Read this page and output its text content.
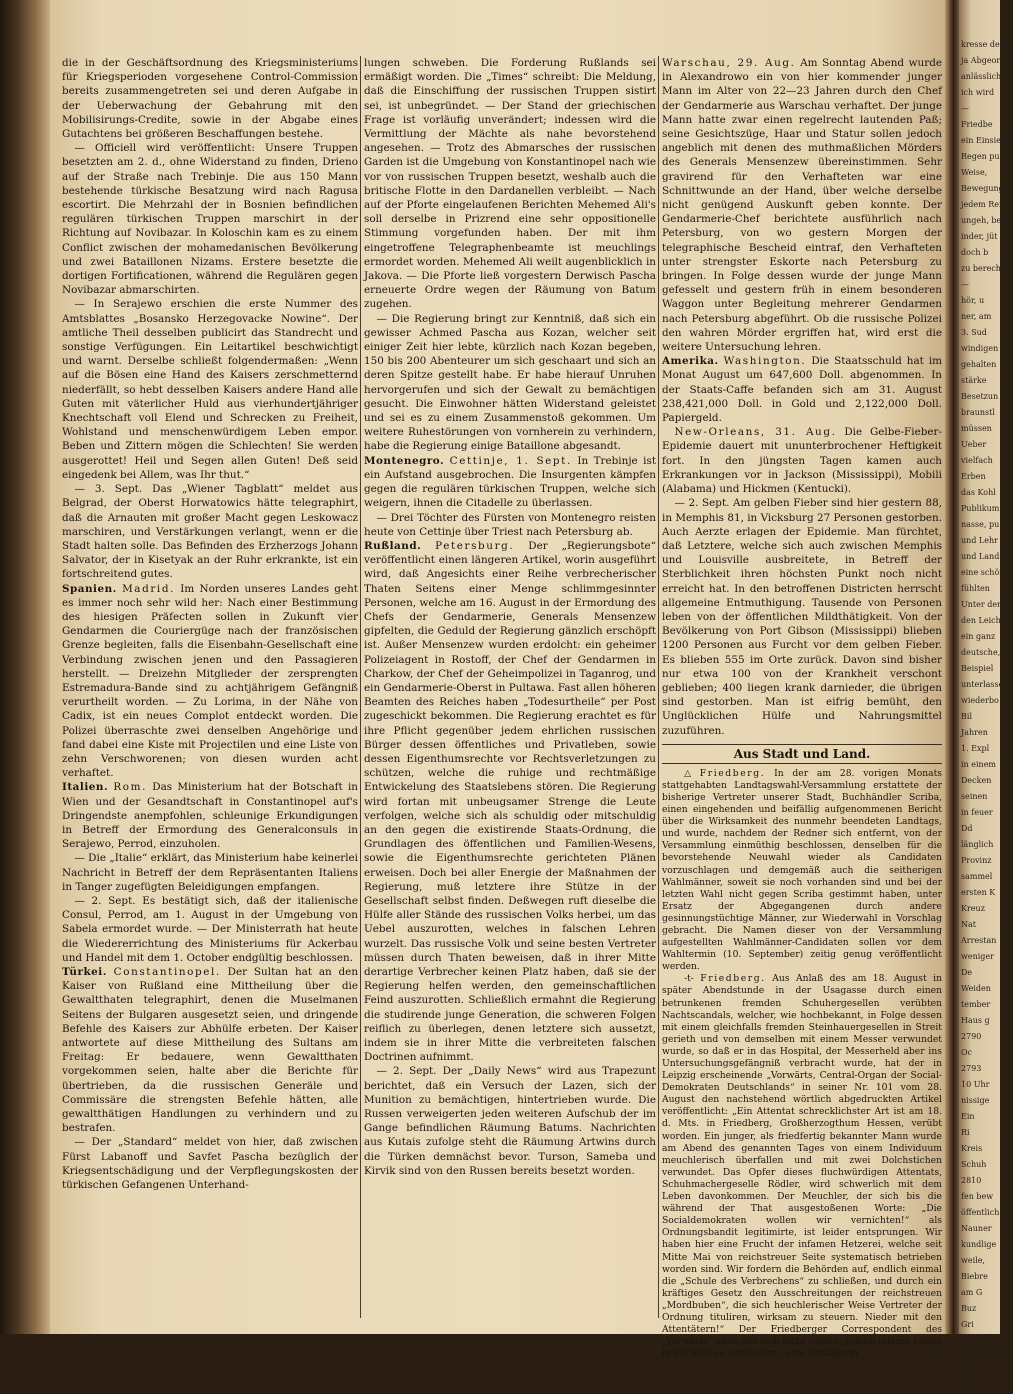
die in der Geschäftsordnung des Kriegsministeriums für Kriegsperioden vorgesehene Control-Commission bereits zusammengetreten sei und deren Aufgabe in der Ueberwachung der Gebahrung mit den Mobilisirungs-Credite, sowie in der Abgabe eines Gutachtens bei größeren Beschaffungen bestehe.

— Officiell wird veröffentlicht: Unsere Truppen besetzten am 2. d., ohne Widerstand zu finden, Drieno auf der Straße nach Trebinje. Die aus 150 Mann bestehende türkische Besatzung wird nach Ragusa escortirt. Die Mehrzahl der in Bosnien befindlichen regulären türkischen Truppen marschirt in der Richtung auf Novibazar. In Koloschin kam es zu einem Conflict zwischen der mohamedanischen Bevölkerung und zwei Bataillonen Nizams. Erstere besetzte die dortigen Fortificationen, während die Regulären gegen Novibazar abmarschirten.

— In Serajewo erschien die erste Nummer des Amtsblattes „Bosansko Herzegovacke Nowine“. Der amtliche Theil desselben publicirt das Standrecht und sonstige Verfügungen. Ein Leitartikel beschwichtigt und warnt. Derselbe schließt folgendermaßen: „Wenn auf die Bösen eine Hand des Kaisers zerschmetternd niederfällt, so hebt desselben Kaisers andere Hand alle Guten mit väterlicher Huld aus vierhundertjähriger Knechtschaft voll Elend und Schrecken zu Freiheit, Wohlstand und menschenwürdigem Leben empor. Beben und Zittern mögen die Schlechten! Sie werden ausgerottet! Heil und Segen allen Guten! Deß seid eingedenk bei Allem, was Ihr thut.“

— 3. Sept. Das „Wiener Tagblatt“ meldet aus Belgrad, der Oberst Horwatowics hätte telegraphirt, daß die Arnauten mit großer Macht gegen Leskowacz marschiren, und Verstärkungen verlangt, wenn er die Stadt halten solle. Das Befinden des Erzherzogs Johann Salvator, der in Kisetyak an der Ruhr erkrankte, ist ein fortschreitend gutes.

Spanien. Madrid. Im Norden unseres Landes geht es immer noch sehr wild her: Nach einer Bestimmung des hiesigen Präfecten sollen in Zukunft vier Gendarmen die Couriergüge nach der französischen Grenze begleiten, falls die Eisenbahn-Gesellschaft eine Verbindung zwischen jenen und den Passagieren herstellt. — Dreizehn Mitglieder der zersprengten Estremadura-Bande sind zu achtjährigem Gefängniß verurtheilt worden. — Zu Lorima, in der Nähe von Cadix, ist ein neues Complot entdeckt worden. Die Polizei überraschte zwei denselben Angehörige und fand dabei eine Kiste mit Projectilen und eine Liste von zehn Verschworenen; von diesen wurden acht verhaftet.

Italien. Rom. Das Ministerium hat der Botschaft in Wien und der Gesandtschaft in Constantinopel auf's Dringendste anempfohlen, schleunige Erkundigungen in Betreff der Ermordung des Generalconsuls in Serajewo, Perrod, einzuholen.

— Die „Italie“ erklärt, das Ministerium habe keinerlei Nachricht in Betreff der dem Repräsentanten Italiens in Tanger zugefügten Beleidigungen empfangen.

— 2. Sept. Es bestätigt sich, daß der italienische Consul, Perrod, am 1. August in der Umgebung von Sabela ermordet wurde. — Der Ministerrath hat heute die Wiedererrichtung des Ministeriums für Ackerbau und Handel mit dem 1. October endgültig beschlossen.

Türkei. Constantinopel. Der Sultan hat an den Kaiser von Rußland eine Mittheilung über die Gewaltthaten telegraphirt, denen die Muselmanen Seitens der Bulgaren ausgesetzt seien, und dringende Befehle des Kaisers zur Abhülfe erbeten. Der Kaiser antwortete auf diese Mittheilung des Sultans am Freitag: Er bedauere, wenn Gewaltthaten vorgekommen seien, halte aber die Berichte für übertrieben, da die russischen Generäle und Commissäre die strengsten Befehle hätten, alle gewaltthätigen Handlungen zu verhindern und zu bestrafen.

— Der „Standard“ meldet von hier, daß zwischen Fürst Labanoff und Savfet Pascha bezüglich der Kriegsentschädigung und der Verpflegungskosten der türkischen Gefangenen Unterhand-

lungen schweben. Die Forderung Rußlands sei ermäßigt worden. Die „Times“ schreibt: Die Meldung, daß die Einschiffung der russischen Truppen sistirt sei, ist unbegründet. — Der Stand der griechischen Frage ist vorläufig unverändert; indessen wird die Vermittlung der Mächte als nahe bevorstehend angesehen. — Trotz des Abmarsches der russischen Garden ist die Umgebung von Konstantinopel nach wie vor von russischen Truppen besetzt, weshalb auch die britische Flotte in den Dardanellen verbleibt. — Nach auf der Pforte eingelaufenen Berichten Mehemed Ali's soll derselbe in Prizrend eine sehr oppositionelle Stimmung vorgefunden haben. Der mit ihm eingetroffene Telegraphenbeamte ist meuchlings ermordet worden. Mehemed Ali weilt augenblicklich in Jakova. — Die Pforte ließ vorgestern Derwisch Pascha erneuerte Ordre wegen der Räumung von Batum zugehen.

— Die Regierung bringt zur Kenntniß, daß sich ein gewisser Achmed Pascha aus Kozan, welcher seit einiger Zeit hier lebte, kürzlich nach Kozan begeben, 150 bis 200 Abenteurer um sich geschaart und sich an deren Spitze gestellt habe. Er habe hierauf Unruhen hervorgerufen und sich der Gewalt zu bemächtigen gesucht. Die Einwohner hätten Widerstand geleistet und sei es zu einem Zusammenstoß gekommen. Um weitere Ruhestörungen von vornherein zu verhindern, habe die Regierung einige Bataillone abgesandt.

Montenegro. Cettinje, 1. Sept. In Trebinje ist ein Aufstand ausgebrochen. Die Insurgenten kämpfen gegen die regulären türkischen Truppen, welche sich weigern, ihnen die Citadelle zu überlassen.

— Drei Töchter des Fürsten von Montenegro reisten heute von Cettinje über Triest nach Petersburg ab.

Rußland. Petersburg. Der „Regierungsbote“ veröffentlicht einen längeren Artikel, worin ausgeführt wird, daß Angesichts einer Reihe verbrecherischer Thaten Seitens einer Menge schlimmgesinnter Personen, welche am 16. August in der Ermordung des Chefs der Gendarmerie, Generals Mensenzew gipfelten, die Geduld der Regierung gänzlich erschöpft ist. Außer Mensenzew wurden erdolcht: ein geheimer Polizeiagent in Rostoff, der Chef der Gendarmen in Charkow, der Chef der Geheimpolizei in Taganrog, und ein Gendarmerie-Oberst in Pultawa. Fast allen höheren Beamten des Reiches haben „Todesurtheile“ per Post zugeschickt bekommen. Die Regierung erachtet es für ihre Pflicht gegenüber jedem ehrlichen russischen Bürger dessen öffentliches und Privatleben, sowie dessen Eigenthumsrechte vor Rechtsverletzungen zu schützen, welche die ruhige und rechtmäßige Entwickelung des Staatslebens stören. Die Regierung wird fortan mit unbeugsamer Strenge die Leute verfolgen, welche sich als schuldig oder mitschuldig an den gegen die existirende Staats-Ordnung, die Grundlagen des öffentlichen und Familien-Wesens, sowie die Eigenthumsrechte gerichteten Plänen erweisen. Doch bei aller Energie der Maßnahmen der Regierung, muß letztere ihre Stütze in der Gesellschaft selbst finden. Deßwegen ruft dieselbe die Hülfe aller Stände des russischen Volks herbei, um das Uebel auszurotten, welches in falschen Lehren wurzelt. Das russische Volk und seine besten Vertreter müssen durch Thaten beweisen, daß in ihrer Mitte derartige Verbrecher keinen Platz haben, daß sie der Regierung helfen werden, den gemeinschaftlichen Feind auszurotten. Schließlich ermahnt die Regierung die studirende junge Generation, die schweren Folgen reiflich zu überlegen, denen letztere sich aussetzt, indem sie in ihrer Mitte die verbreiteten falschen Doctrinen aufnimmt.

— 2. Sept. Der „Daily News“ wird aus Trapezunt berichtet, daß ein Versuch der Lazen, sich der Munition zu bemächtigen, hintertrieben wurde. Die Russen verweigerten jeden weiteren Aufschub der im Gange befindlichen Räumung Batums. Nachrichten aus Kutais zufolge steht die Räumung Artwins durch die Türken demnächst bevor. Turson, Sameba und Kirvik sind von den Russen bereits besetzt worden.

Warschau, 29. Aug. Am Sonntag Abend wurde in Alexandrowo ein von hier kommender junger Mann im Alter von 22—23 Jahren durch den Chef der Gendarmerie aus Warschau verhaftet. Der junge Mann hatte zwar einen regelrecht lautenden Paß; seine Gesichtszüge, Haar und Statur sollen jedoch angeblich mit denen des muthmaßlichen Mörders des Generals Mensenzew übereinstimmen. Sehr gravirend für den Verhafteten war eine Schnittwunde an der Hand, über welche derselbe nicht genügend Auskunft geben konnte. Der Gendarmerie-Chef berichtete ausführlich nach Petersburg, von wo gestern Morgen der telegraphische Bescheid eintraf, den Verhafteten unter strengster Eskorte nach Petersburg zu bringen. In Folge dessen wurde der junge Mann gefesselt und gestern früh in einem besonderen Waggon unter Begleitung mehrerer Gendarmen nach Petersburg abgeführt. Ob die russische Polizei den wahren Mörder ergriffen hat, wird erst die weitere Untersuchung lehren.

Amerika. Washington. Die Staatsschuld hat im Monat August um 647,600 Doll. abgenommen. In der Staats-Caffe befanden sich am 31. August 238,421,000 Doll. in Gold und 2,122,000 Doll. Papiergeld.

New-Orleans, 31. Aug. Die Gelbe-Fieber-Epidemie dauert mit ununterbrochener Heftigkeit fort. In den jüngsten Tagen kamen auch Erkrankungen vor in Jackson (Mississippi), Mobili (Alabama) und Hickmen (Kentucki).

— 2. Sept. Am gelben Fieber sind hier gestern 88, in Memphis 81, in Vicksburg 27 Personen gestorben. Auch Aerzte erlagen der Epidemie. Man fürchtet, daß Letztere, welche sich auch zwischen Memphis und Louisville ausbreitete, in Betreff der Sterblichkeit ihren höchsten Punkt noch nicht erreicht hat. In den betroffenen Districten herrscht allgemeine Entmuthigung. Tausende von Personen leben von der öffentlichen Mildthätigkeit. Von der Bevölkerung von Port Gibson (Mississippi) blieben 1200 Personen aus Furcht vor dem gelben Fieber. Es blieben 555 im Orte zurück. Davon sind bisher nur etwa 100 von der Krankheit verschont geblieben; 400 liegen krank darnieder, die übrigen sind gestorben. Man ist eifrig bemüht, den Unglücklichen Hülfe und Nahrungsmittel zuzuführen.

Aus Stadt und Land.

△ Friedberg. In der am 28. vorigen Monats stattgehabten Landtagswahl-Versammlung erstattete der bisherige Vertreter unserer Stadt, Buchhändler Scriba, einen eingehenden und beifällig aufgenommenen Bericht über die Wirksamkeit des nunmehr beendeten Landtags, und wurde, nachdem der Redner sich entfernt, von der Versammlung einmüthig beschlossen, denselben für die bevorstehende Neuwahl wieder als Candidaten vorzuschlagen und demgemäß auch die seitherigen Wahlmänner, soweit sie noch vorhanden sind und bei der letzten Wahl nicht gegen Scriba gestimmt haben, unter Ersatz der Abgegangenen durch andere gesinnungstüchtige Männer, zur Wiederwahl in Vorschlag gebracht. Die Namen dieser von der Versammlung aufgestellten Wahlmänner-Candidaten sollen vor dem Wahltermin (10. September) zeitig genug veröffentlicht werden.

-t- Friedberg. Aus Anlaß des am 18. August in später Abendstunde in der Usagasse durch einen betrunkenen fremden Schuhergesellen verübten Nachtscandals, welcher, wie hochbekannt, in Folge dessen mit einem gleichfalls fremden Steinhauergesellen in Streit gerieth und von demselben mit einem Messer verwundet wurde, so daß er in das Hospital, der Messerheld aber ins Untersuchungsgefängniß verbracht wurde, hat der in Leipzig erscheinende „Vorwärts, Central-Organ der Social-Demokraten Deutschlands“ in seiner Nr. 101 vom 28. August den nachstehend wörtlich abgedruckten Artikel veröffentlicht: „Ein Attentat schrecklichster Art ist am 18. d. Mts. in Friedberg, Großherzogthum Hessen, verübt worden. Ein junger, als friedfertig bekannter Mann wurde am Abend des genannten Tages von einem Individuum meuchlerisch überfallen und mit zwei Dolchstichen verwundet. Das Opfer dieses fluchwürdigen Attentats, Schuhmachergeselle Rödler, wird schwerlich mit dem Leben davonkommen. Der Meuchler, der sich bis die während der That ausgestoßenen Worte: „Die Socialdemokraten wollen wir vernichten!“ als Ordnungsbandit legitimirte, ist leider entsprungen. Wir haben hier eine Frucht der infamen Hetzerei, welche seit Mitte Mai von reichstreuer Seite systematisch betrieben worden sind. Wir fordern die Behörden auf, endlich einmal die „Schule des Verbrechens“ zu schließen, und durch ein kräftiges Gesetz den Ausschreitungen der reichstreuen „Mordbuben“, die sich heuchlerischer Weise Vertreter der Ordnung tituliren, wirksam zu steuern. Nieder mit den Attentätern!“ Der Friedberger Correspondent des „Vorwärts“ aber, der sich nicht scheut, solche infame Lügen in die Welt zu schleudern, eine Schlägerei

kresse des
ja Abgeordn
anlässlich
ich wird
—
Friedbe
ein Einsiedel
Regen pur
Weise,
Bewegung
jedem Rei
ungeh, ber
inder, jüt
doch b
zu berech
—
hör, u
ner, am
3. Sud
windigen
gehalten
stärke
Besetzun
braunstl
müssen
Ueber
vielfach
Erben
das Kohl
Publikum
nasse, pu
und Lehr
und Land
eine schön
fühlten
Unter den
den Leich
ein ganz
deutsche,
Beispiel
unterlasse
wiederbo
Bil
Jahren
1. Expl
in einem
Decken
seinen
in feuer
Dd
länglich
Provinz
sammel
ersten K
Kreuz
Nat
Arrestan
weniger
De
Weiden
tember
Haus g
2790
Oc
2793
10 Uhr
nissige
Ein
Ri
Kreis
Schuh
2810
fen bew
öffentlich
Nauner
kundlige
weile,
Biebre
am G
Buz
Gri
2809
Gemeinde
2834
20
